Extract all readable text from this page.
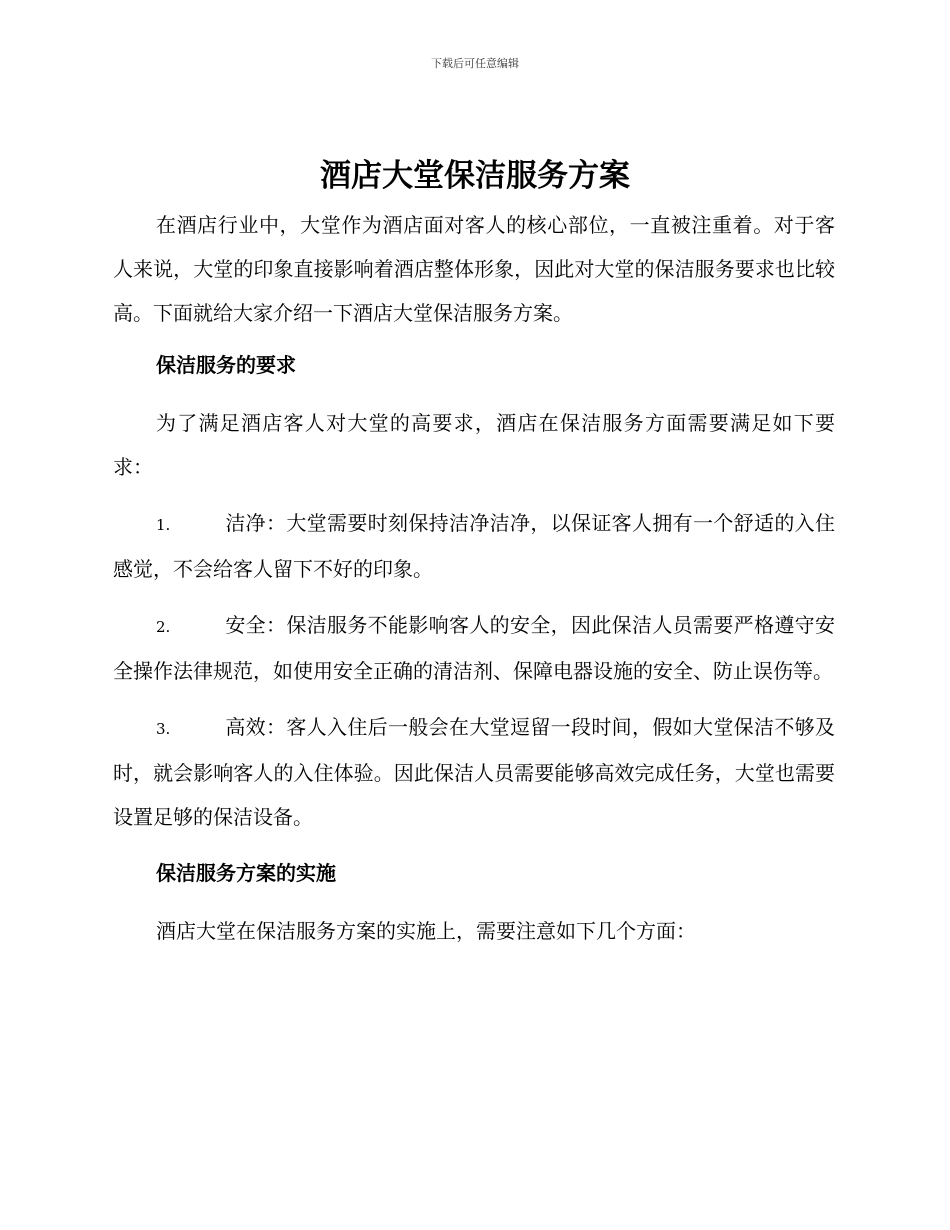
下载后可任意编辑
酒店大堂保洁服务方案

在酒店行业中，大堂作为酒店面对客人的核心部位，一直被注重着。对于客人来说，大堂的印象直接影响着酒店整体形象，因此对大堂的保洁服务要求也比较高。下面就给大家介绍一下酒店大堂保洁服务方案。

保洁服务的要求

为了满足酒店客人对大堂的高要求，酒店在保洁服务方面需要满足如下要求：

1.	洁净：大堂需要时刻保持洁净洁净，以保证客人拥有一个舒适的入住感觉，不会给客人留下不好的印象。

2.	安全：保洁服务不能影响客人的安全，因此保洁人员需要严格遵守安全操作法律规范，如使用安全正确的清洁剂、保障电器设施的安全、防止误伤等。

3.	高效：客人入住后一般会在大堂逗留一段时间，假如大堂保洁不够及时，就会影响客人的入住体验。因此保洁人员需要能够高效完成任务，大堂也需要设置足够的保洁设备。

保洁服务方案的实施

酒店大堂在保洁服务方案的实施上，需要注意如下几个方面：
